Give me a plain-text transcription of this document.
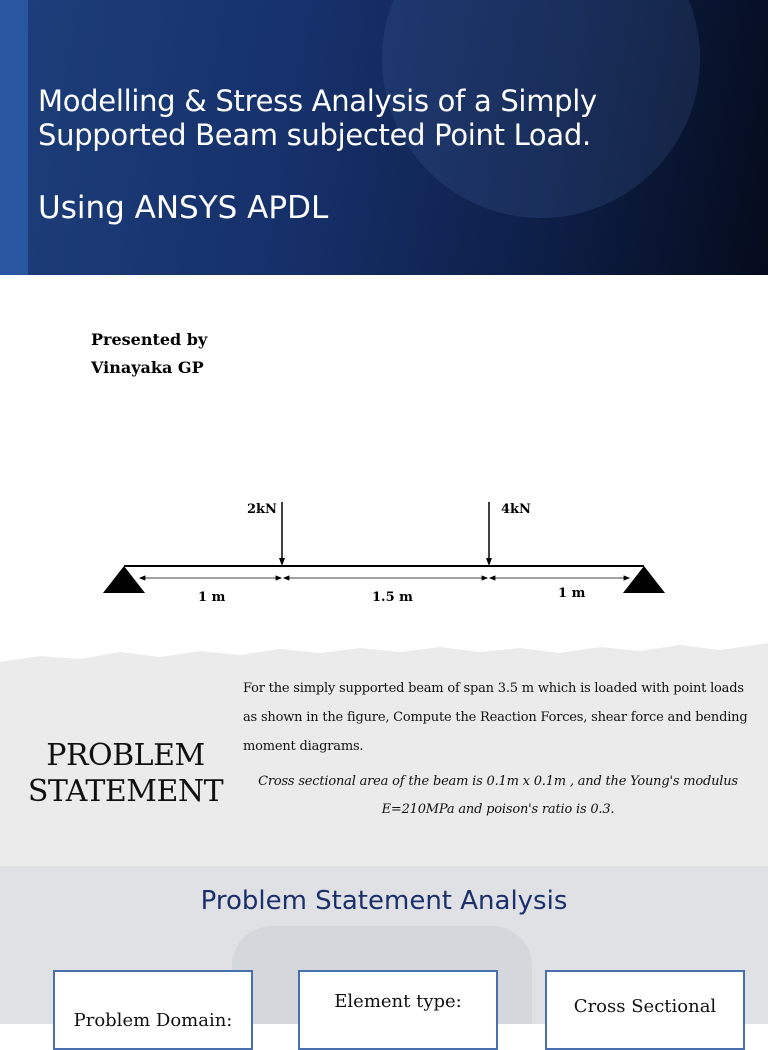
Modelling & Stress Analysis of a Simply
Supported Beam subjected Point Load.
Using ANSYS APDL
Presented by
Vinayaka GP
2kN	4kN
1 m	1.5 m	1 m
PROBLEM
STATEMENT
For the simply supported beam of span 3.5 m which is loaded with point loads as shown in the figure, Compute the Reaction Forces, shear force and bending moment diagrams.
Cross sectional area of the beam is 0.1m x 0.1m , and the Young's modulus E=210MPa and poison's ratio is 0.3.
Problem Statement Analysis
Problem Domain:
Element type:	Cross Sectional
